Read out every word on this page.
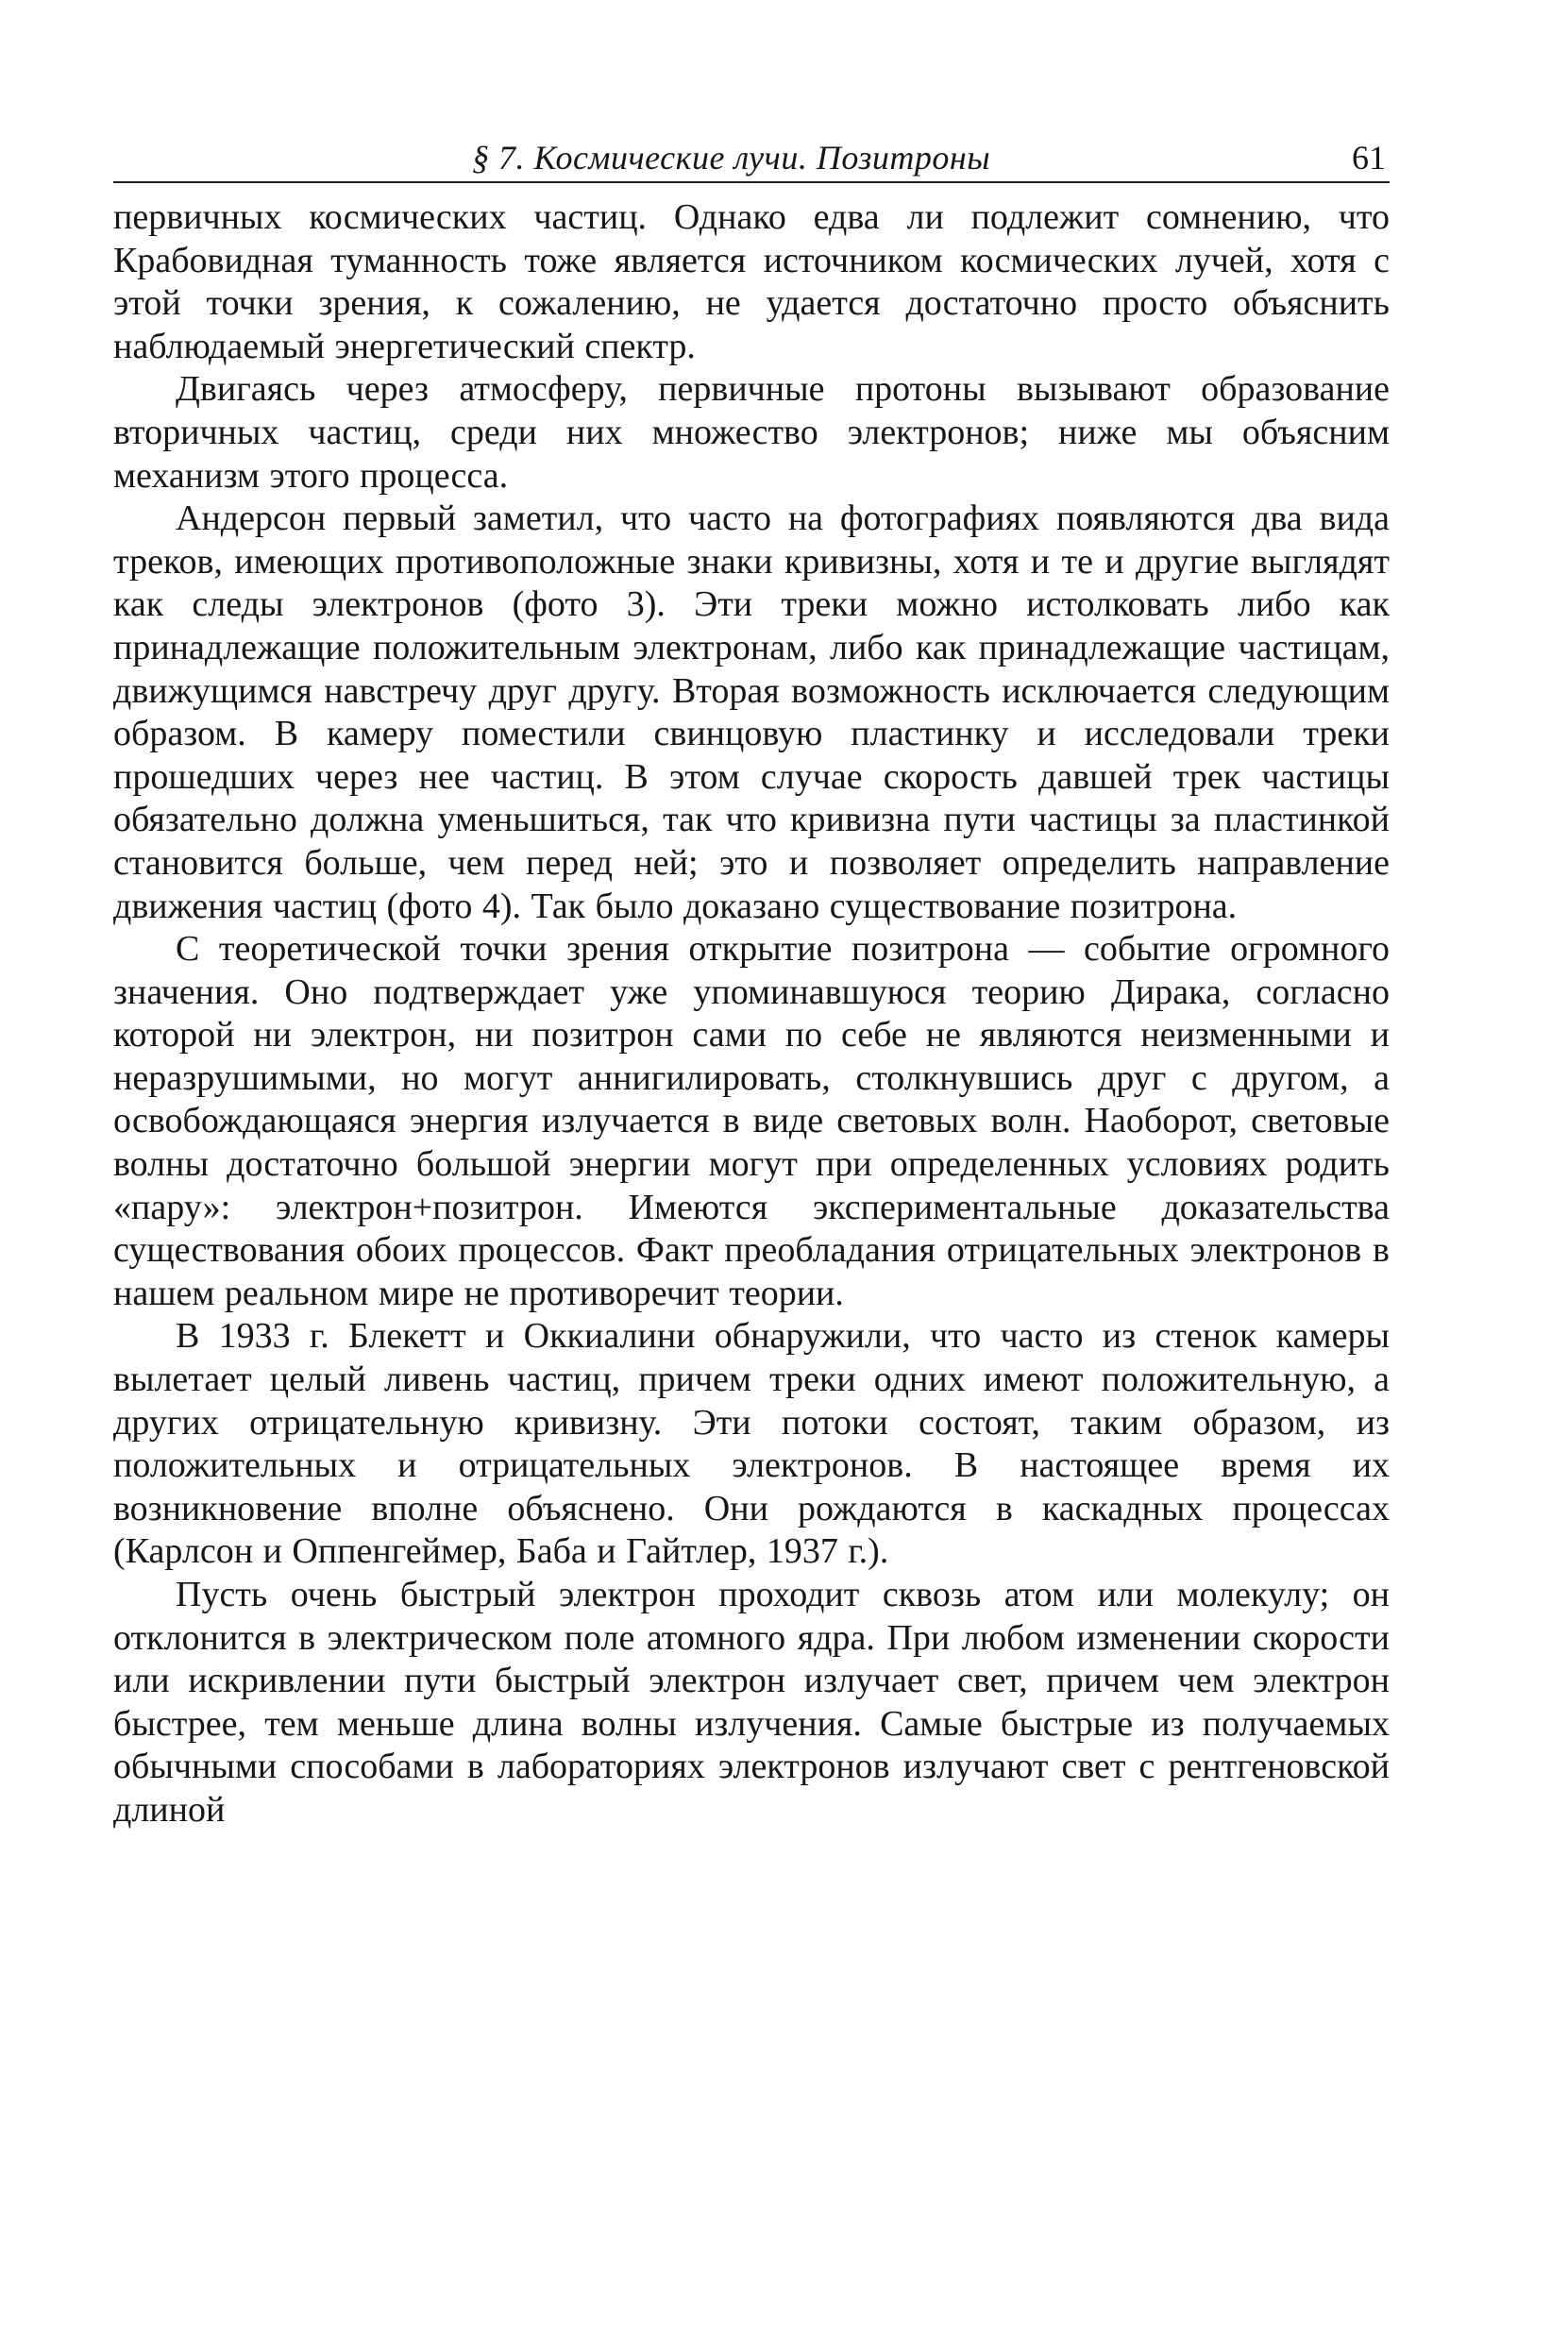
§ 7. Космические лучи. Позитроны	61

первичных космических частиц. Однако едва ли подлежит сомнению, что Крабовидная туманность тоже является источником космических лучей, хотя с этой точки зрения, к сожалению, не удается достаточно просто объяснить наблюдаемый энергетический спектр.

Двигаясь через атмосферу, первичные протоны вызывают образование вторичных частиц, среди них множество электронов; ниже мы объясним механизм этого процесса.

Андерсон первый заметил, что часто на фотографиях появляются два вида треков, имеющих противоположные знаки кривизны, хотя и те и другие выглядят как следы электронов (фото 3). Эти треки можно истолковать либо как принадлежащие положительным электронам, либо как принадлежащие частицам, движущимся навстречу друг другу. Вторая возможность исключается следующим образом. В камеру поместили свинцовую пластинку и исследовали треки прошедших через нее частиц. В этом случае скорость давшей трек частицы обязательно должна уменьшиться, так что кривизна пути частицы за пластинкой становится больше, чем перед ней; это и позволяет определить направление движения частиц (фото 4). Так было доказано существование позитрона.

С теоретической точки зрения открытие позитрона — событие огромного значения. Оно подтверждает уже упоминавшуюся теорию Дирака, согласно которой ни электрон, ни позитрон сами по себе не являются неизменными и неразрушимыми, но могут аннигилировать, столкнувшись друг с другом, а освобождающаяся энергия излучается в виде световых волн. Наоборот, световые волны достаточно большой энергии могут при определенных условиях родить «пару»: электрон+позитрон. Имеются экспериментальные доказательства существования обоих процессов. Факт преобладания отрицательных электронов в нашем реальном мире не противоречит теории.

В 1933 г. Блекетт и Оккиалини обнаружили, что часто из стенок камеры вылетает целый ливень частиц, причем треки одних имеют положительную, а других отрицательную кривизну. Эти потоки состоят, таким образом, из положительных и отрицательных электронов. В настоящее время их возникновение вполне объяснено. Они рождаются в каскадных процессах (Карлсон и Оппенгеймер, Баба и Гайтлер, 1937 г.).

Пусть очень быстрый электрон проходит сквозь атом или молекулу; он отклонится в электрическом поле атомного ядра. При любом изменении скорости или искривлении пути быстрый электрон излучает свет, причем чем электрон быстрее, тем меньше длина волны излучения. Самые быстрые из получаемых обычными способами в лабораториях электронов излучают свет с рентгеновской длиной
